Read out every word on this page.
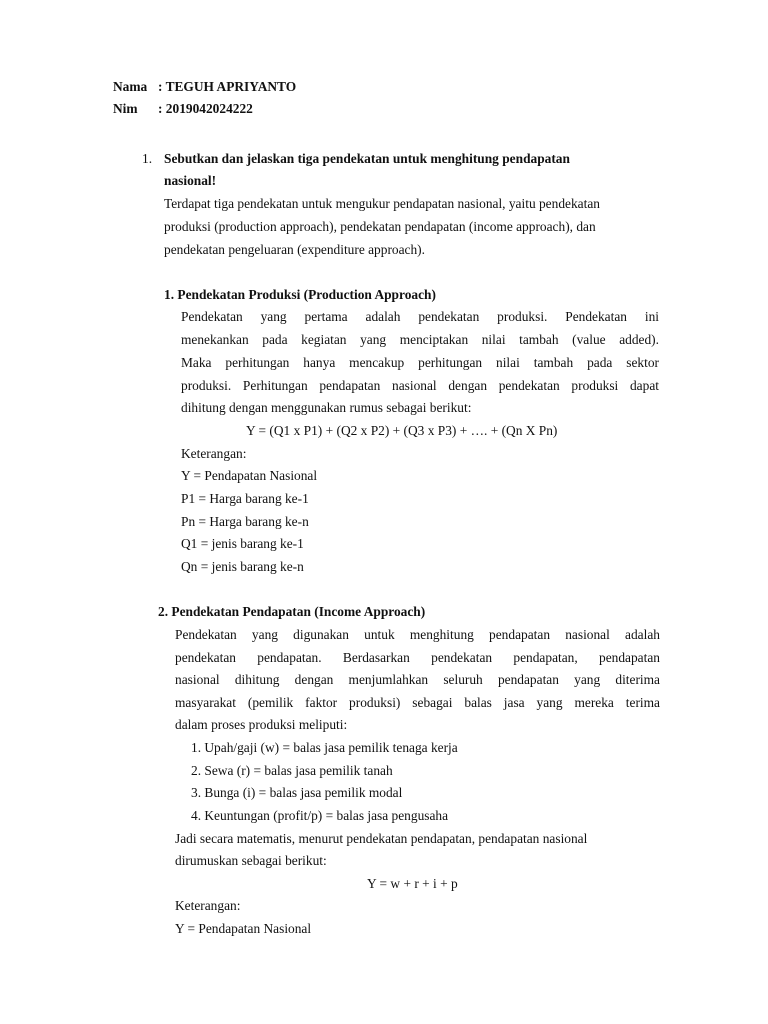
Nama : TEGUH APRIYANTO
Nim : 2019042024222
1. Sebutkan dan jelaskan tiga pendekatan untuk menghitung pendapatan
nasional!
Terdapat tiga pendekatan untuk mengukur pendapatan nasional, yaitu pendekatan
produksi (production approach), pendekatan pendapatan (income approach), dan
pendekatan pengeluaran (expenditure approach).
1. Pendekatan Produksi (Production Approach)
Pendekatan yang pertama adalah pendekatan produksi. Pendekatan ini
menekankan pada kegiatan yang menciptakan nilai tambah (value added).
Maka perhitungan hanya mencakup perhitungan nilai tambah pada sektor
produksi. Perhitungan pendapatan nasional dengan pendekatan produksi dapat
dihitung dengan menggunakan rumus sebagai berikut:
Y = (Q1 x P1) + (Q2 x P2) + (Q3 x P3) + …. + (Qn X Pn)
Keterangan:
Y = Pendapatan Nasional
P1 = Harga barang ke-1
Pn = Harga barang ke-n
Q1 = jenis barang ke-1
Qn = jenis barang ke-n
2. Pendekatan Pendapatan (Income Approach)
Pendekatan yang digunakan untuk menghitung pendapatan nasional adalah
pendekatan pendapatan. Berdasarkan pendekatan pendapatan, pendapatan
nasional dihitung dengan menjumlahkan seluruh pendapatan yang diterima
masyarakat (pemilik faktor produksi) sebagai balas jasa yang mereka terima
dalam proses produksi meliputi:
1. Upah/gaji (w) = balas jasa pemilik tenaga kerja
2. Sewa (r) = balas jasa pemilik tanah
3. Bunga (i) = balas jasa pemilik modal
4. Keuntungan (profit/p) = balas jasa pengusaha
Jadi secara matematis, menurut pendekatan pendapatan, pendapatan nasional
dirumuskan sebagai berikut:
Y = w + r + i + p
Keterangan:
Y = Pendapatan Nasional
